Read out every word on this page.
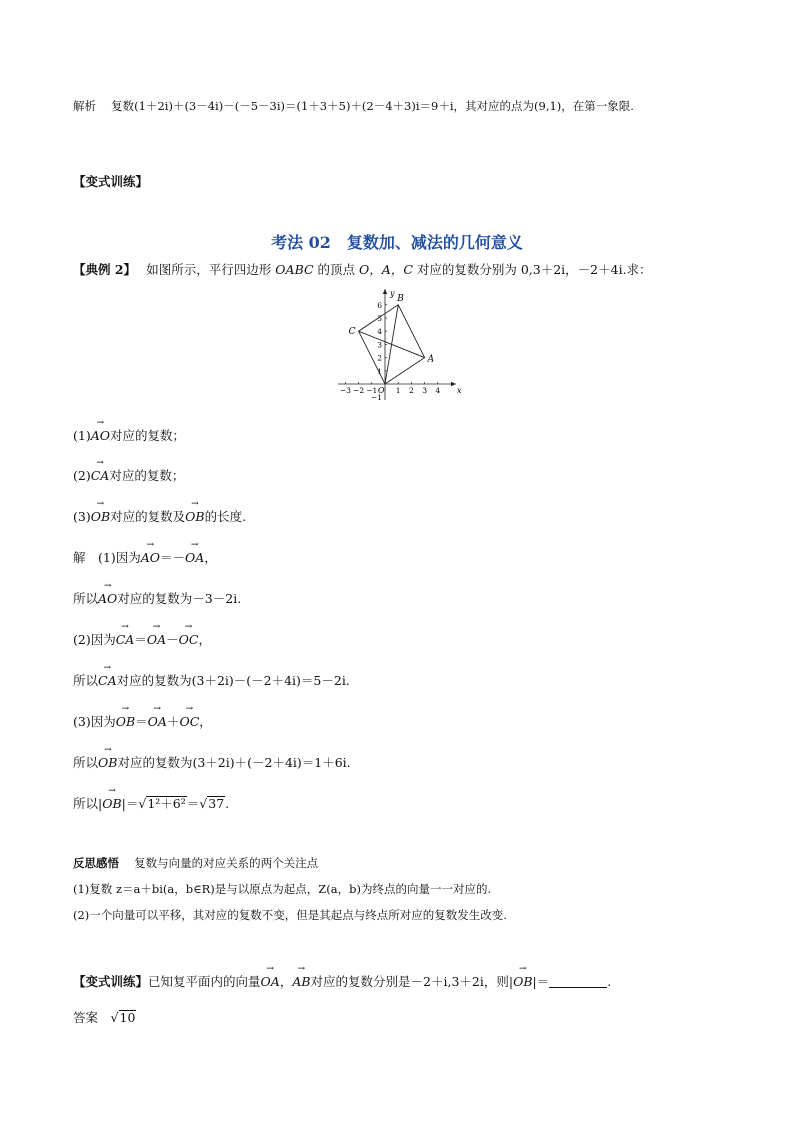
解析　 复数(1＋2i)＋(3－4i)－(－5－3i)＝(1＋3＋5)＋(2－4＋3)i＝9＋i，其对应的点为(9,1)，在第一象限.
【变式训练】
考法 02　复数加、减法的几何意义
【典例 2】　 如图所示，平行四边形 OABC 的顶点 O，A，C 对应的复数分别为 0,3＋2i，－2＋4i.求：
y
x
O
−3 −2 −1 1 2 3 4
1
2
3
4
5
6
−1
A
B
C
(1)→ AO对应的复数；
(2)→ CA对应的复数；
(3)→ OB对应的复数及→ OB的长度.
解　 (1)因为→ AO＝－→ OA，
所以→ AO对应的复数为－3－2i.
(2)因为→ CA＝→ OA－→ OC，
所以→ CA对应的复数为(3＋2i)－(－2＋4i)＝5－2i.
(3)因为→ OB＝→ OA＋→ OC，
所以→ OB对应的复数为(3＋2i)＋(－2＋4i)＝1＋6i.
所以|→ OB|＝√1²＋6²＝√37.
反思感悟　 复数与向量的对应关系的两个关注点
(1)复数 z＝a＋bi(a，b∈R)是与以原点为起点，Z(a，b)为终点的向量一一对应的.
(2)一个向量可以平移，其对应的复数不变，但是其起点与终点所对应的复数发生改变.
【变式训练】已知复平面内的向量→ OA，→ AB对应的复数分别是－2＋i,3＋2i，则|→ OB|＝	.
答案　 √10
